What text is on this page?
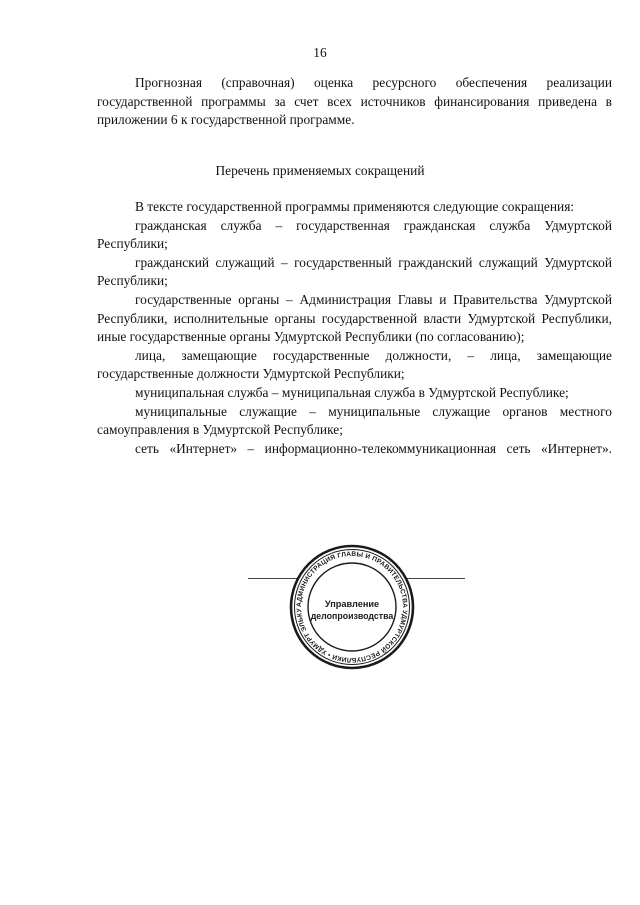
16

Прогнозная (справочная) оценка ресурсного обеспечения реализации государственной программы за счет всех источников финансирования приведена в приложении 6 к государственной программе.

Перечень применяемых сокращений

В тексте государственной программы применяются следующие сокращения:

гражданская служба – государственная гражданская служба Удмуртской Республики;

гражданский служащий – государственный гражданский служащий Удмуртской Республики;

государственные органы – Администрация Главы и Правительства Удмуртской Республики, исполнительные органы государственной власти Удмуртской Республики, иные государственные органы Удмуртской Республики (по согласованию);

лица, замещающие государственные должности, – лица, замещающие государственные должности Удмуртской Республики;

муниципальная служба – муниципальная служба в Удмуртской Республике;

муниципальные служащие – муниципальные служащие органов местного самоуправления в Удмуртской Республике;

сеть «Интернет» – информационно-телекоммуникационная сеть «Интернет».

АДМИНИСТРАЦИЯ ГЛАВЫ И ПРАВИТЕЛЬСТВА УДМУРТСКОЙ РЕСПУБЛИКИ • УДМУРТ ЭЛЬКУ
Управление
делопроизводства
